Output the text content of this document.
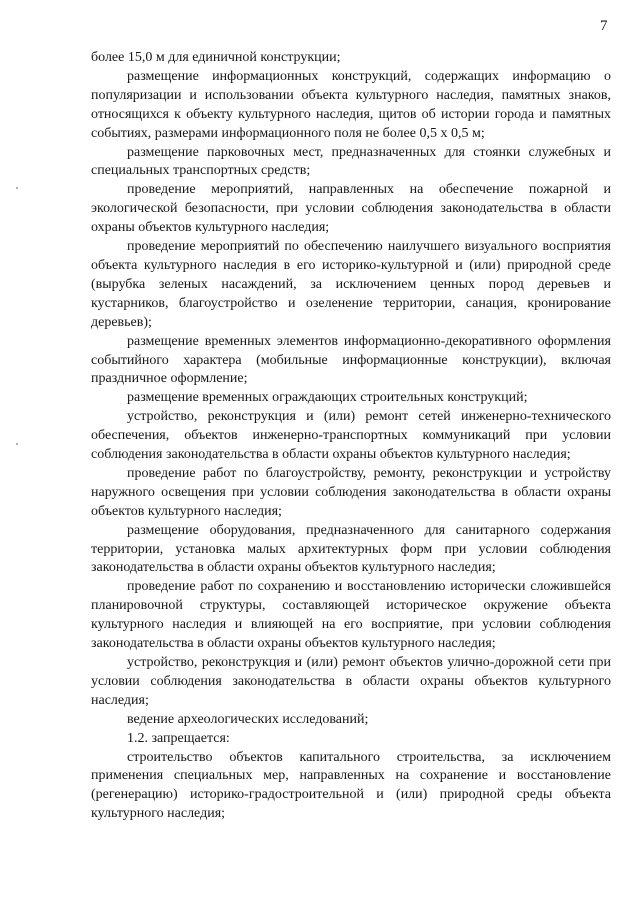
7

более 15,0 м для единичной конструкции;

размещение информационных конструкций, содержащих информацию о популяризации и использовании объекта культурного наследия, памятных знаков, относящихся к объекту культурного наследия, щитов об истории города и памятных событиях, размерами информационного поля не более 0,5 х 0,5 м;

размещение парковочных мест, предназначенных для стоянки служебных и специальных транспортных средств;

проведение мероприятий, направленных на обеспечение пожарной и экологической безопасности, при условии соблюдения законодательства в области охраны объектов культурного наследия;

проведение мероприятий по обеспечению наилучшего визуального восприятия объекта культурного наследия в его историко-культурной и (или) природной среде (вырубка зеленых насаждений, за исключением ценных пород деревьев и кустарников, благоустройство и озеленение территории, санация, кронирование деревьев);

размещение временных элементов информационно-декоративного оформления событийного характера (мобильные информационные конструкции), включая праздничное оформление;

размещение временных ограждающих строительных конструкций;

устройство, реконструкция и (или) ремонт сетей инженерно-технического обеспечения, объектов инженерно-транспортных коммуникаций при условии соблюдения законодательства в области охраны объектов культурного наследия;

проведение работ по благоустройству, ремонту, реконструкции и устройству наружного освещения при условии соблюдения законодательства в области охраны объектов культурного наследия;

размещение оборудования, предназначенного для санитарного содержания территории, установка малых архитектурных форм при условии соблюдения законодательства в области охраны объектов культурного наследия;

проведение работ по сохранению и восстановлению исторически сложившейся планировочной структуры, составляющей историческое окружение объекта культурного наследия и влияющей на его восприятие, при условии соблюдения законодательства в области охраны объектов культурного наследия;

устройство, реконструкция и (или) ремонт объектов улично-дорожной сети при условии соблюдения законодательства в области охраны объектов культурного наследия;

ведение археологических исследований;

1.2. запрещается:

строительство объектов капитального строительства, за исключением применения специальных мер, направленных на сохранение и восстановление (регенерацию) историко-градостроительной и (или) природной среды объекта культурного наследия;
